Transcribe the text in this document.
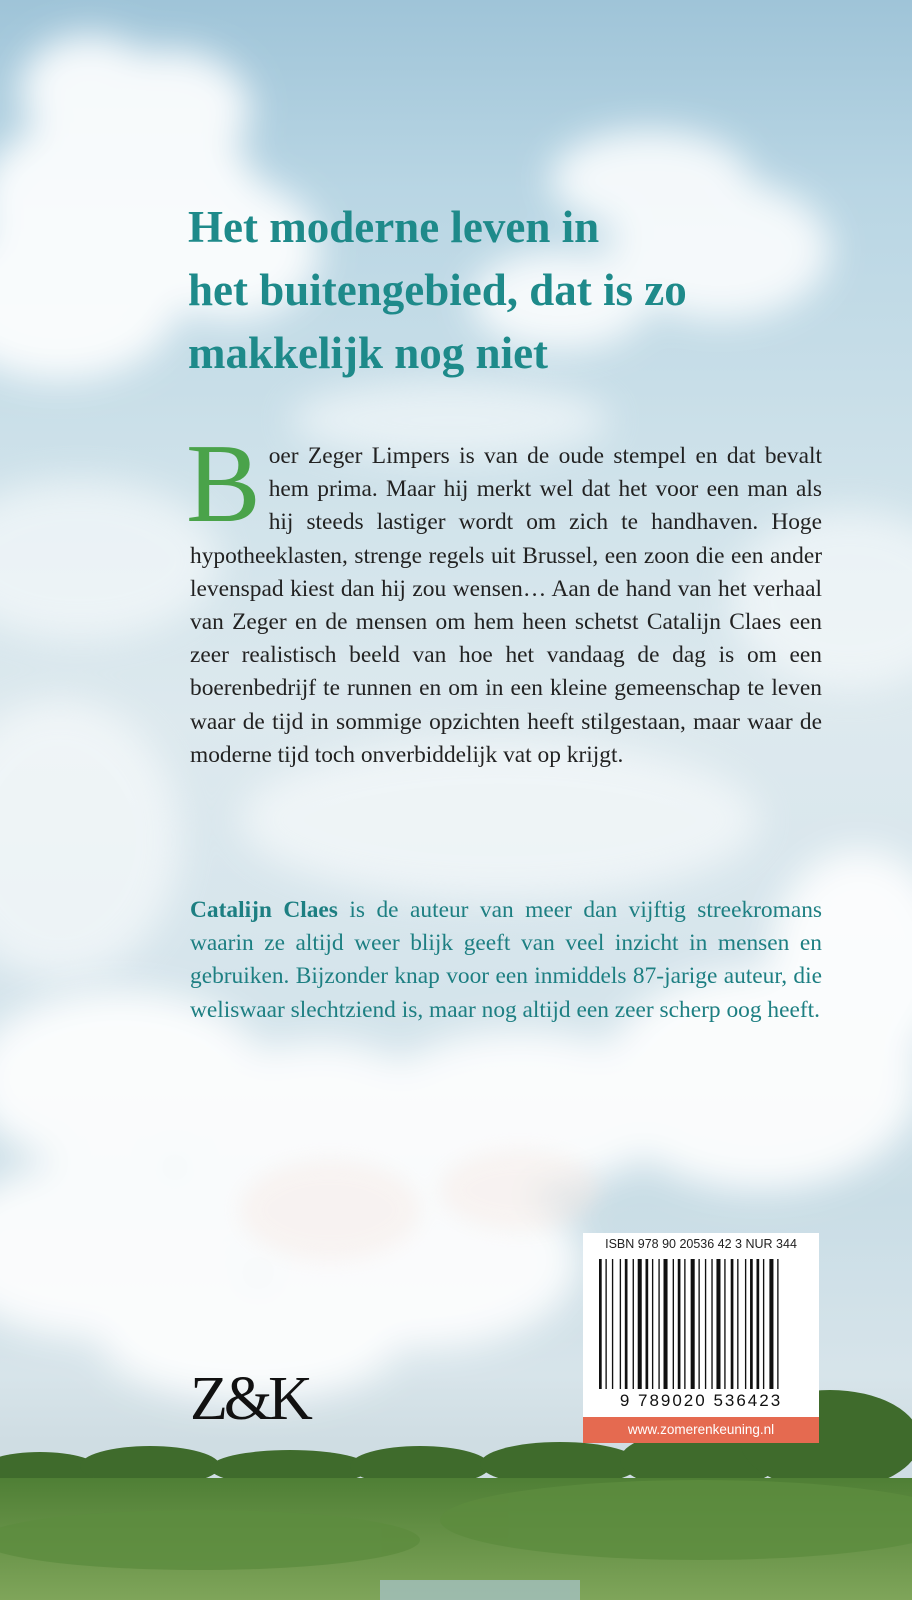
Het moderne leven in
het buitengebied, dat is zo
makkelijk nog niet
Boer Zeger Limpers is van de oude stempel en dat bevalt hem prima. Maar hij merkt wel dat het voor een man als hij steeds lastiger wordt om zich te handhaven. Hoge hypotheeklasten, strenge regels uit Brussel, een zoon die een ander levenspad kiest dan hij zou wensen… Aan de hand van het verhaal van Zeger en de mensen om hem heen schetst Catalijn Claes een zeer realistisch beeld van hoe het vandaag de dag is om een boerenbedrijf te runnen en om in een kleine gemeenschap te leven waar de tijd in sommige opzichten heeft stilgestaan, maar waar de moderne tijd toch onverbiddelijk vat op krijgt.
Catalijn Claes is de auteur van meer dan vijftig streekromans waarin ze altijd weer blijk geeft van veel inzicht in mensen en gebruiken. Bijzonder knap voor een inmiddels 87-jarige auteur, die weliswaar slechtziend is, maar nog altijd een zeer scherp oog heeft.
Z&K
ISBN 978 90 20536 42 3 NUR 344
9 789020 536423
www.zomerenkeuning.nl
